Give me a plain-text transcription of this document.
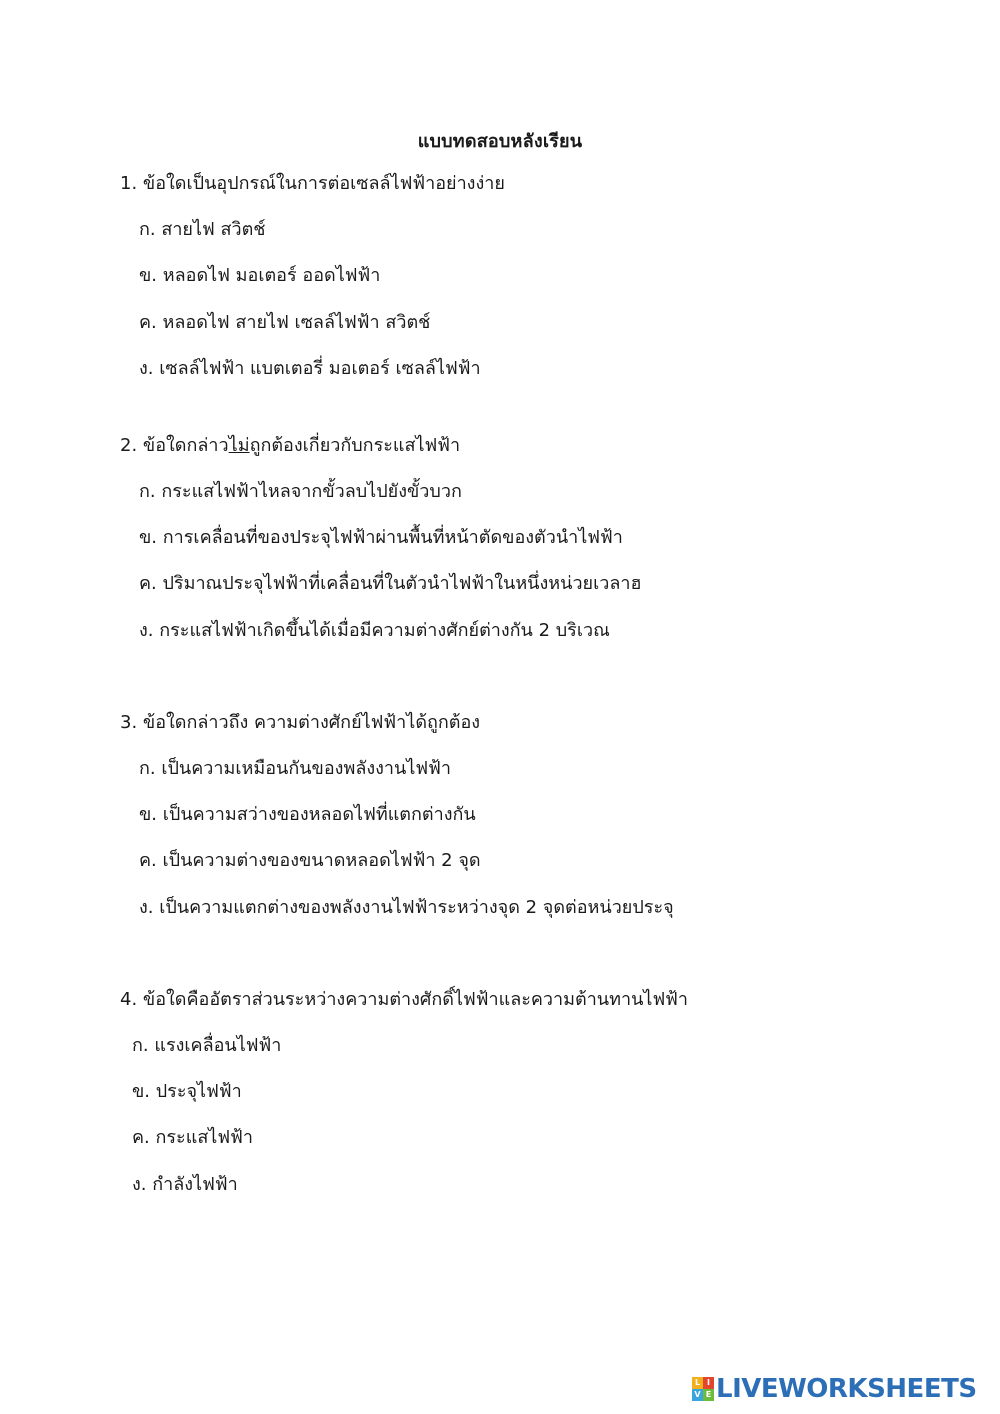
แบบทดสอบหลังเรียน
1. ข้อใดเป็นอุปกรณ์ในการต่อเซลล์ไฟฟ้าอย่างง่าย
ก. สายไฟ สวิตช์
ข. หลอดไฟ มอเตอร์ ออดไฟฟ้า
ค. หลอดไฟ สายไฟ เซลล์ไฟฟ้า สวิตช์
ง. เซลล์ไฟฟ้า แบตเตอรี่ มอเตอร์ เซลล์ไฟฟ้า
2. ข้อใดกล่าวไม่ถูกต้องเกี่ยวกับกระแสไฟฟ้า
ก. กระแสไฟฟ้าไหลจากขั้วลบไปยังขั้วบวก
ข. การเคลื่อนที่ของประจุไฟฟ้าผ่านพื้นที่หน้าตัดของตัวนำไฟฟ้า
ค. ปริมาณประจุไฟฟ้าที่เคลื่อนที่ในตัวนำไฟฟ้าในหนึ่งหน่วยเวลาฮ
ง. กระแสไฟฟ้าเกิดขึ้นได้เมื่อมีความต่างศักย์ต่างกัน 2 บริเวณ
3. ข้อใดกล่าวถึง ความต่างศักย์ไฟฟ้าได้ถูกต้อง
ก. เป็นความเหมือนกันของพลังงานไฟฟ้า
ข. เป็นความสว่างของหลอดไฟที่แตกต่างกัน
ค. เป็นความต่างของขนาดหลอดไฟฟ้า 2 จุด
ง. เป็นความแตกต่างของพลังงานไฟฟ้าระหว่างจุด 2 จุดต่อหน่วยประจุ
4. ข้อใดคืออัตราส่วนระหว่างความต่างศักดิ์ไฟฟ้าและความต้านทานไฟฟ้า
ก. แรงเคลื่อนไฟฟ้า
ข. ประจุไฟฟ้า
ค. กระแสไฟฟ้า
ง. กำลังไฟฟ้า
L I
V E LIVEWORKSHEETS
